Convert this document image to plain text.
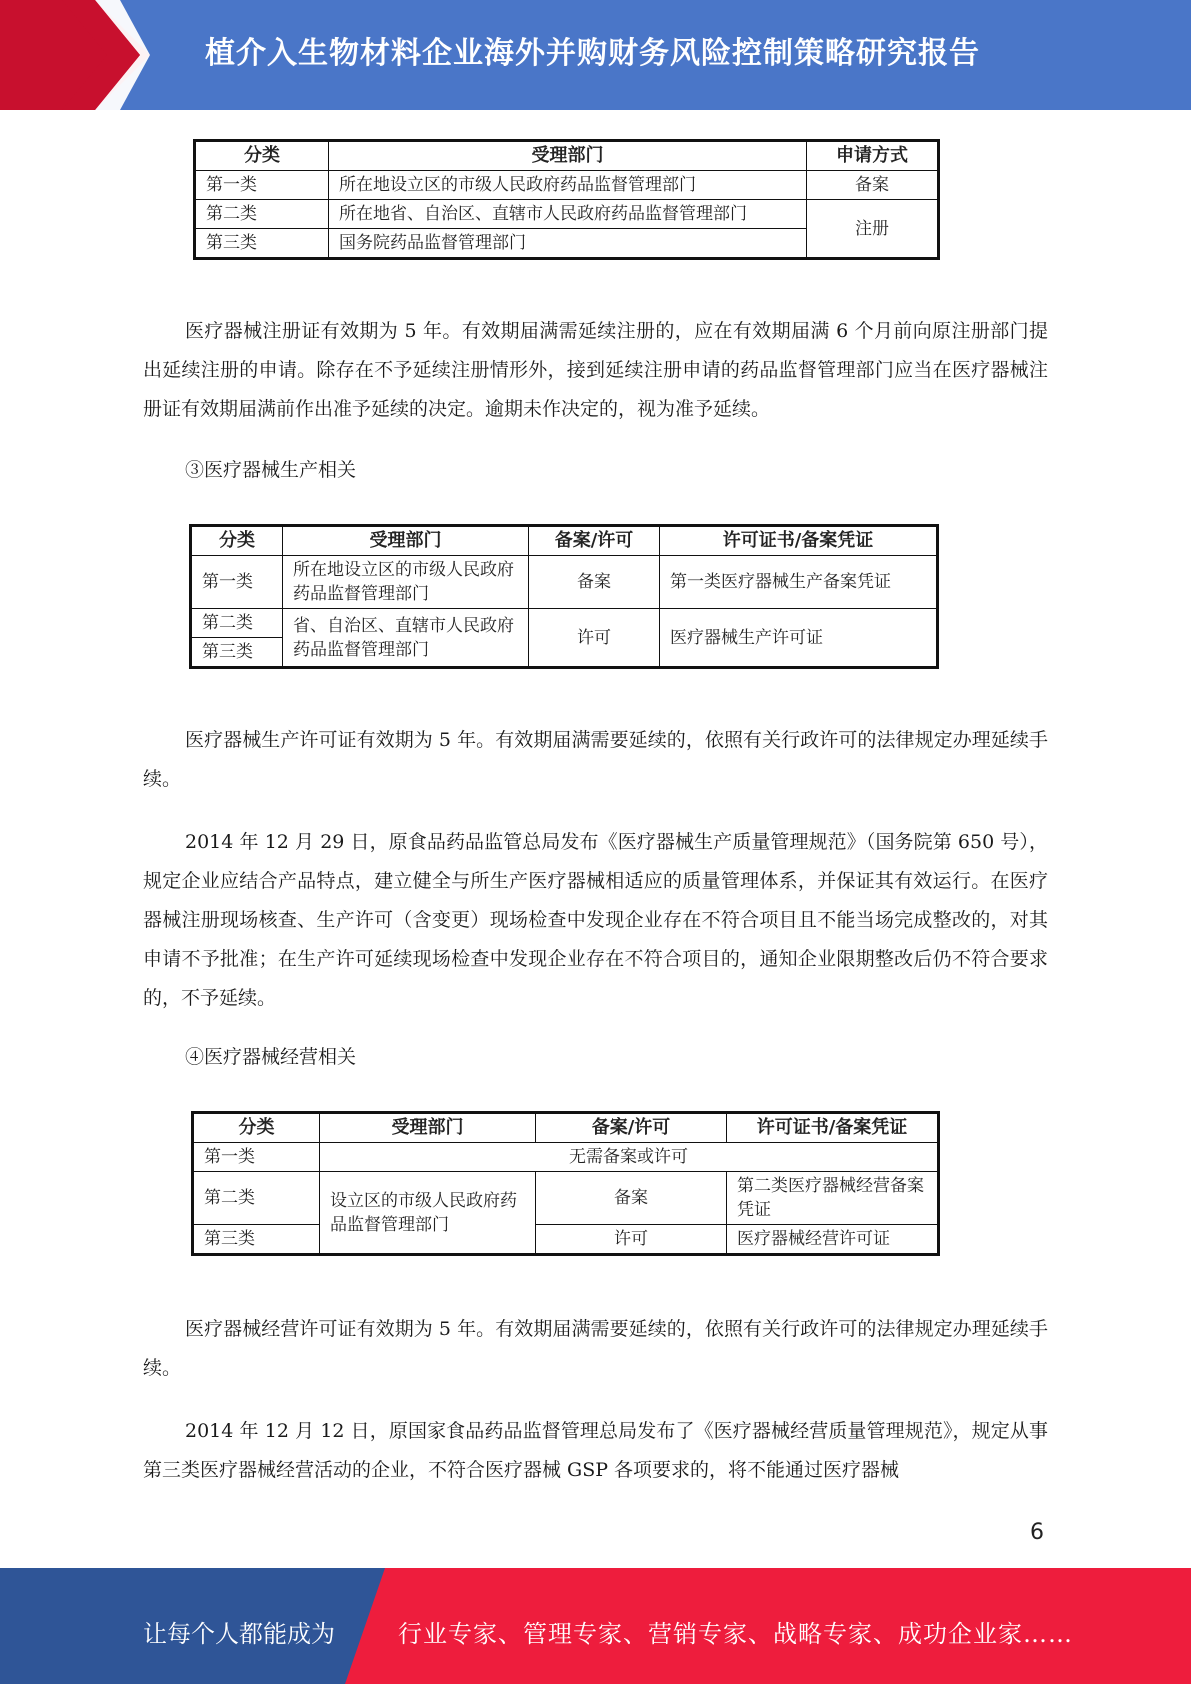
植介入生物材料企业海外并购财务风险控制策略研究报告
分类	受理部门	申请方式
第一类	所在地设立区的市级人民政府药品监督管理部门	备案
第二类	所在地省、自治区、直辖市人民政府药品监督管理部门	注册
第三类	国务院药品监督管理部门	

医疗器械注册证有效期为 5 年。有效期届满需延续注册的，应在有效期届满 6 个月前向原注册部门提出延续注册的申请。除存在不予延续注册情形外，接到延续注册申请的药品监督管理部门应当在医疗器械注册证有效期届满前作出准予延续的决定。逾期未作决定的，视为准予延续。

③医疗器械生产相关

分类	受理部门	备案/许可	许可证书/备案凭证
第一类	所在地设立区的市级人民政府药品监督管理部门	备案	第一类医疗器械生产备案凭证
第二类	省、自治区、直辖市人民政府药品监督管理部门	许可	医疗器械生产许可证
第三类			

医疗器械生产许可证有效期为 5 年。有效期届满需要延续的，依照有关行政许可的法律规定办理延续手续。

2014 年 12 月 29 日，原食品药品监管总局发布《医疗器械生产质量管理规范》（国务院第 650 号），规定企业应结合产品特点，建立健全与所生产医疗器械相适应的质量管理体系，并保证其有效运行。在医疗器械注册现场核查、生产许可（含变更）现场检查中发现企业存在不符合项目且不能当场完成整改的，对其申请不予批准；在生产许可延续现场检查中发现企业存在不符合项目的，通知企业限期整改后仍不符合要求的，不予延续。

④医疗器械经营相关

分类	受理部门	备案/许可	许可证书/备案凭证
第一类	无需备案或许可		
第二类	设立区的市级人民政府药品监督管理部门	备案	第二类医疗器械经营备案凭证
第三类		许可	医疗器械经营许可证

医疗器械经营许可证有效期为 5 年。有效期届满需要延续的，依照有关行政许可的法律规定办理延续手续。

2014 年 12 月 12 日，原国家食品药品监督管理总局发布了《医疗器械经营质量管理规范》，规定从事第三类医疗器械经营活动的企业，不符合医疗器械 GSP 各项要求的，将不能通过医疗器械

6
让每个人都能成为	行业专家、管理专家、营销专家、战略专家、成功企业家……
